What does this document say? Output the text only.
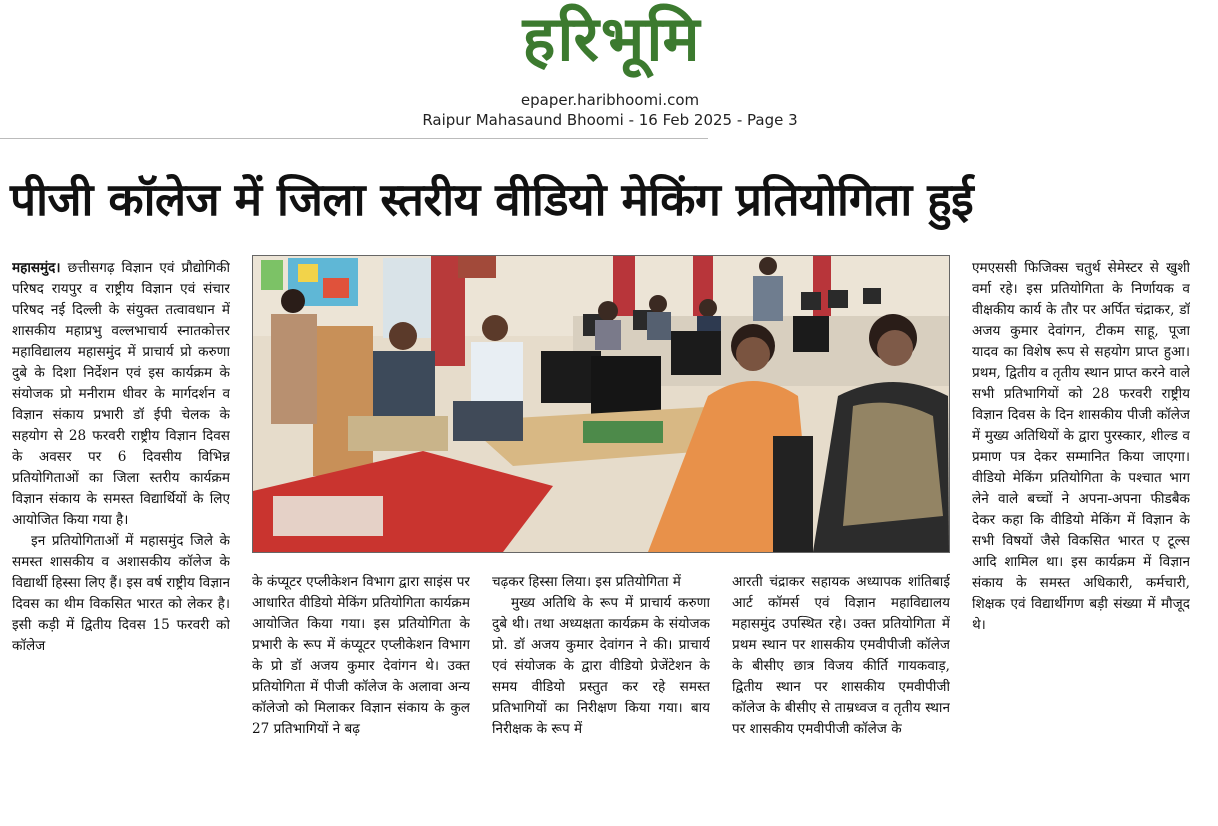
हरिभूमि
epaper.haribhoomi.com
Raipur Mahasaund Bhoomi - 16 Feb 2025 - Page 3
पीजी कॉलेज में जिला स्तरीय वीडियो मेकिंग प्रतियोगिता हुई

महासमुंद। छत्तीसगढ़ विज्ञान एवं प्रौद्योगिकी परिषद रायपुर व राष्ट्रीय विज्ञान एवं संचार परिषद नई दिल्ली के संयुक्त तत्वावधान में शासकीय महाप्रभु वल्लभाचार्य स्नातकोत्तर महाविद्यालय महासमुंद में प्राचार्य प्रो करुणा दुबे के दिशा निर्देशन एवं इस कार्यक्रम के संयोजक प्रो मनीराम धीवर के मार्गदर्शन व विज्ञान संकाय प्रभारी डॉ ईपी चेलक के सहयोग से 28 फरवरी राष्ट्रीय विज्ञान दिवस के अवसर पर 6 दिवसीय विभिन्न प्रतियोगिताओं का जिला स्तरीय कार्यक्रम विज्ञान संकाय के समस्त विद्यार्थियों के लिए आयोजित किया गया है।

इन प्रतियोगिताओं में महासमुंद जिले के समस्त शासकीय व अशासकीय कॉलेज के विद्यार्थी हिस्सा लिए हैं। इस वर्ष राष्ट्रीय विज्ञान दिवस का थीम विकसित भारत को लेकर है। इसी कड़ी में द्वितीय दिवस 15 फरवरी को कॉलेज

के कंप्यूटर एप्लीकेशन विभाग द्वारा साइंस पर आधारित वीडियो मेकिंग प्रतियोगिता कार्यक्रम आयोजित किया गया। इस प्रतियोगिता के प्रभारी के रूप में कंप्यूटर एप्लीकेशन विभाग के प्रो डॉ अजय कुमार देवांगन थे। उक्त प्रतियोगिता में पीजी कॉलेज के अलावा अन्य कॉलेजो को मिलाकर विज्ञान संकाय के कुल 27 प्रतिभागियों ने बढ़

चढ़कर हिस्सा लिया। इस प्रतियोगिता में

मुख्य अतिथि के रूप में प्राचार्य करुणा दुबे थी। तथा अध्यक्षता कार्यक्रम के संयोजक प्रो. डॉ अजय कुमार देवांगन ने की। प्राचार्य एवं संयोजक के द्वारा वीडियो प्रेजेंटेशन के समय वीडियो प्रस्तुत कर रहे समस्त प्रतिभागियों का निरीक्षण किया गया। बाय निरीक्षक के रूप में

आरती चंद्राकर सहायक अध्यापक शांतिबाई आर्ट कॉमर्स एवं विज्ञान महाविद्यालय महासमुंद उपस्थित रहे। उक्त प्रतियोगिता में प्रथम स्थान पर शासकीय एमवीपीजी कॉलेज के बीसीए छात्र विजय कीर्ति गायकवाड़, द्वितीय स्थान पर शासकीय एमवीपीजी कॉलेज के बीसीए से ताम्रध्वज व तृतीय स्थान पर शासकीय एमवीपीजी कॉलेज के

एमएससी फिजिक्स चतुर्थ सेमेस्टर से खुशी वर्मा रहे। इस प्रतियोगिता के निर्णायक व वीक्षकीय कार्य के तौर पर अर्पित चंद्राकर, डॉ अजय कुमार देवांगन, टीकम साहू, पूजा यादव का विशेष रूप से सहयोग प्राप्त हुआ। प्रथम, द्वितीय व तृतीय स्थान प्राप्त करने वाले सभी प्रतिभागियों को 28 फरवरी राष्ट्रीय विज्ञान दिवस के दिन शासकीय पीजी कॉलेज में मुख्य अतिथियों के द्वारा पुरस्कार, शील्ड व प्रमाण पत्र देकर सम्मानित किया जाएगा। वीडियो मेकिंग प्रतियोगिता के पश्चात भाग लेने वाले बच्चों ने अपना-अपना फीडबैक देकर कहा कि वीडियो मेकिंग में विज्ञान के सभी विषयों जैसे विकसित भारत ए टूल्स आदि शामिल था। इस कार्यक्रम में विज्ञान संकाय के समस्त अधिकारी, कर्मचारी, शिक्षक एवं विद्यार्थीगण बड़ी संख्या में मौजूद थे।
